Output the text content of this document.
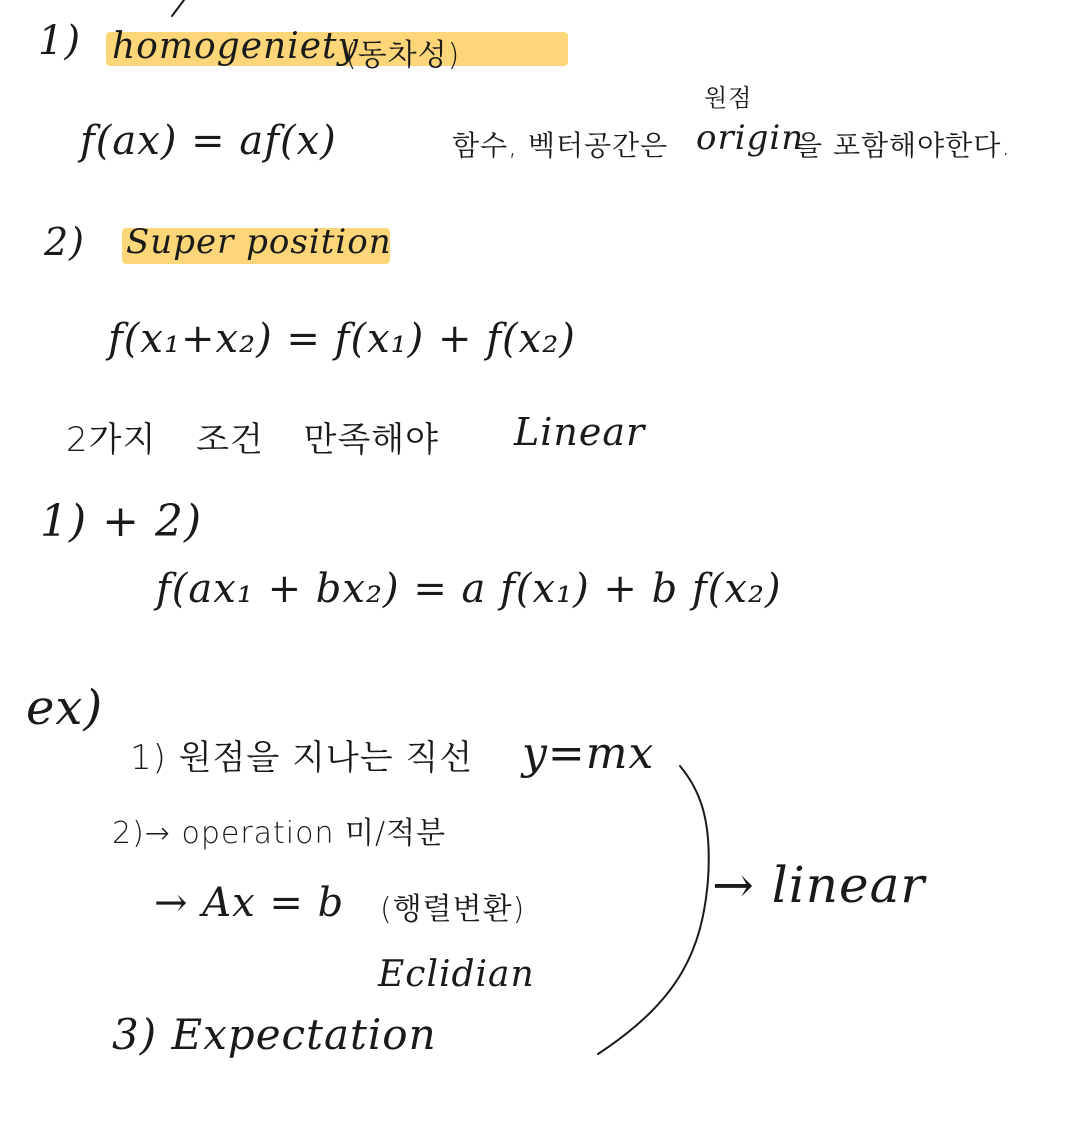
1) homogeniety
(동차성)
f(ax) = af(x)
원점
함수, 벡터공간은 origin
을 포함해야한다.
2) Super position
f(x₁+x₂) = f(x₁) + f(x₂)
2가지 조건 만족해야 Linear
1) + 2)
f(ax₁ + bx₂) = a f(x₁) + b f(x₂)
ex)
1) 원점을 지나는 직선 y=mx
2)→ operation 미/적분
→ Ax = b (행렬변환)
Eclidian
3) Expectation
→ linear
